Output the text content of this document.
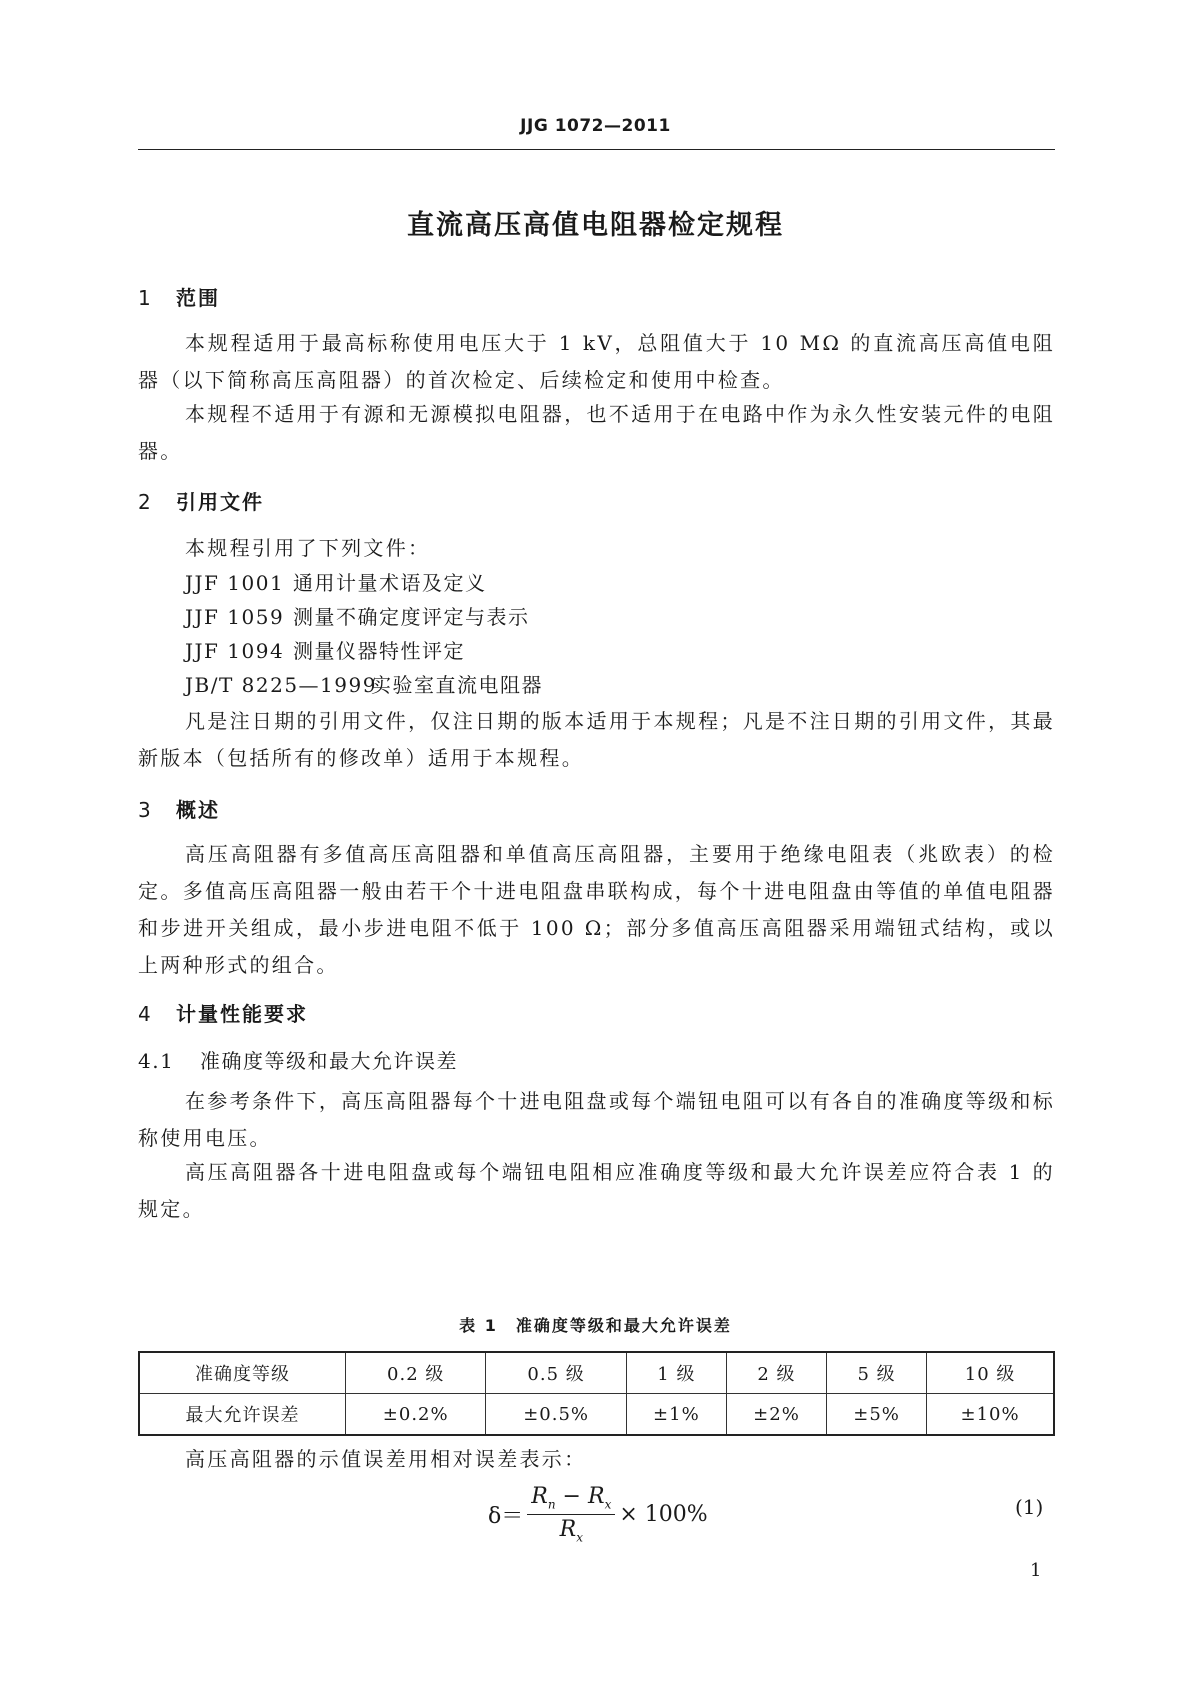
JJG 1072—2011
直流高压高值电阻器检定规程
1 范围
本规程适用于最高标称使用电压大于 1 kV，总阻值大于 10 MΩ 的直流高压高值电阻器（以下简称高压高阻器）的首次检定、后续检定和使用中检查。
本规程不适用于有源和无源模拟电阻器，也不适用于在电路中作为永久性安装元件的电阻器。
2 引用文件
本规程引用了下列文件：
JJF 1001 通用计量术语及定义
JJF 1059 测量不确定度评定与表示
JJF 1094 测量仪器特性评定
JB/T 8225—1999实验室直流电阻器
凡是注日期的引用文件，仅注日期的版本适用于本规程；凡是不注日期的引用文件，其最新版本（包括所有的修改单）适用于本规程。
3 概述
高压高阻器有多值高压高阻器和单值高压高阻器，主要用于绝缘电阻表（兆欧表）的检定。多值高压高阻器一般由若干个十进电阻盘串联构成，每个十进电阻盘由等值的单值电阻器和步进开关组成，最小步进电阻不低于 100 Ω；部分多值高压高阻器采用端钮式结构，或以上两种形式的组合。
4 计量性能要求
4.1 准确度等级和最大允许误差
在参考条件下，高压高阻器每个十进电阻盘或每个端钮电阻可以有各自的准确度等级和标称使用电压。
高压高阻器各十进电阻盘或每个端钮电阻相应准确度等级和最大允许误差应符合表 1 的规定。
表 1　准确度等级和最大允许误差
准确度等级	0.2 级	0.5 级	1 级	2 级	5 级	10 级
最大允许误差	±0.2%	±0.5%	±1%	±2%	±5%	±10%
高压高阻器的示值误差用相对误差表示：
$\delta= \frac{R_n - R_x}{R_x} \times 100\%$	(1)
1
